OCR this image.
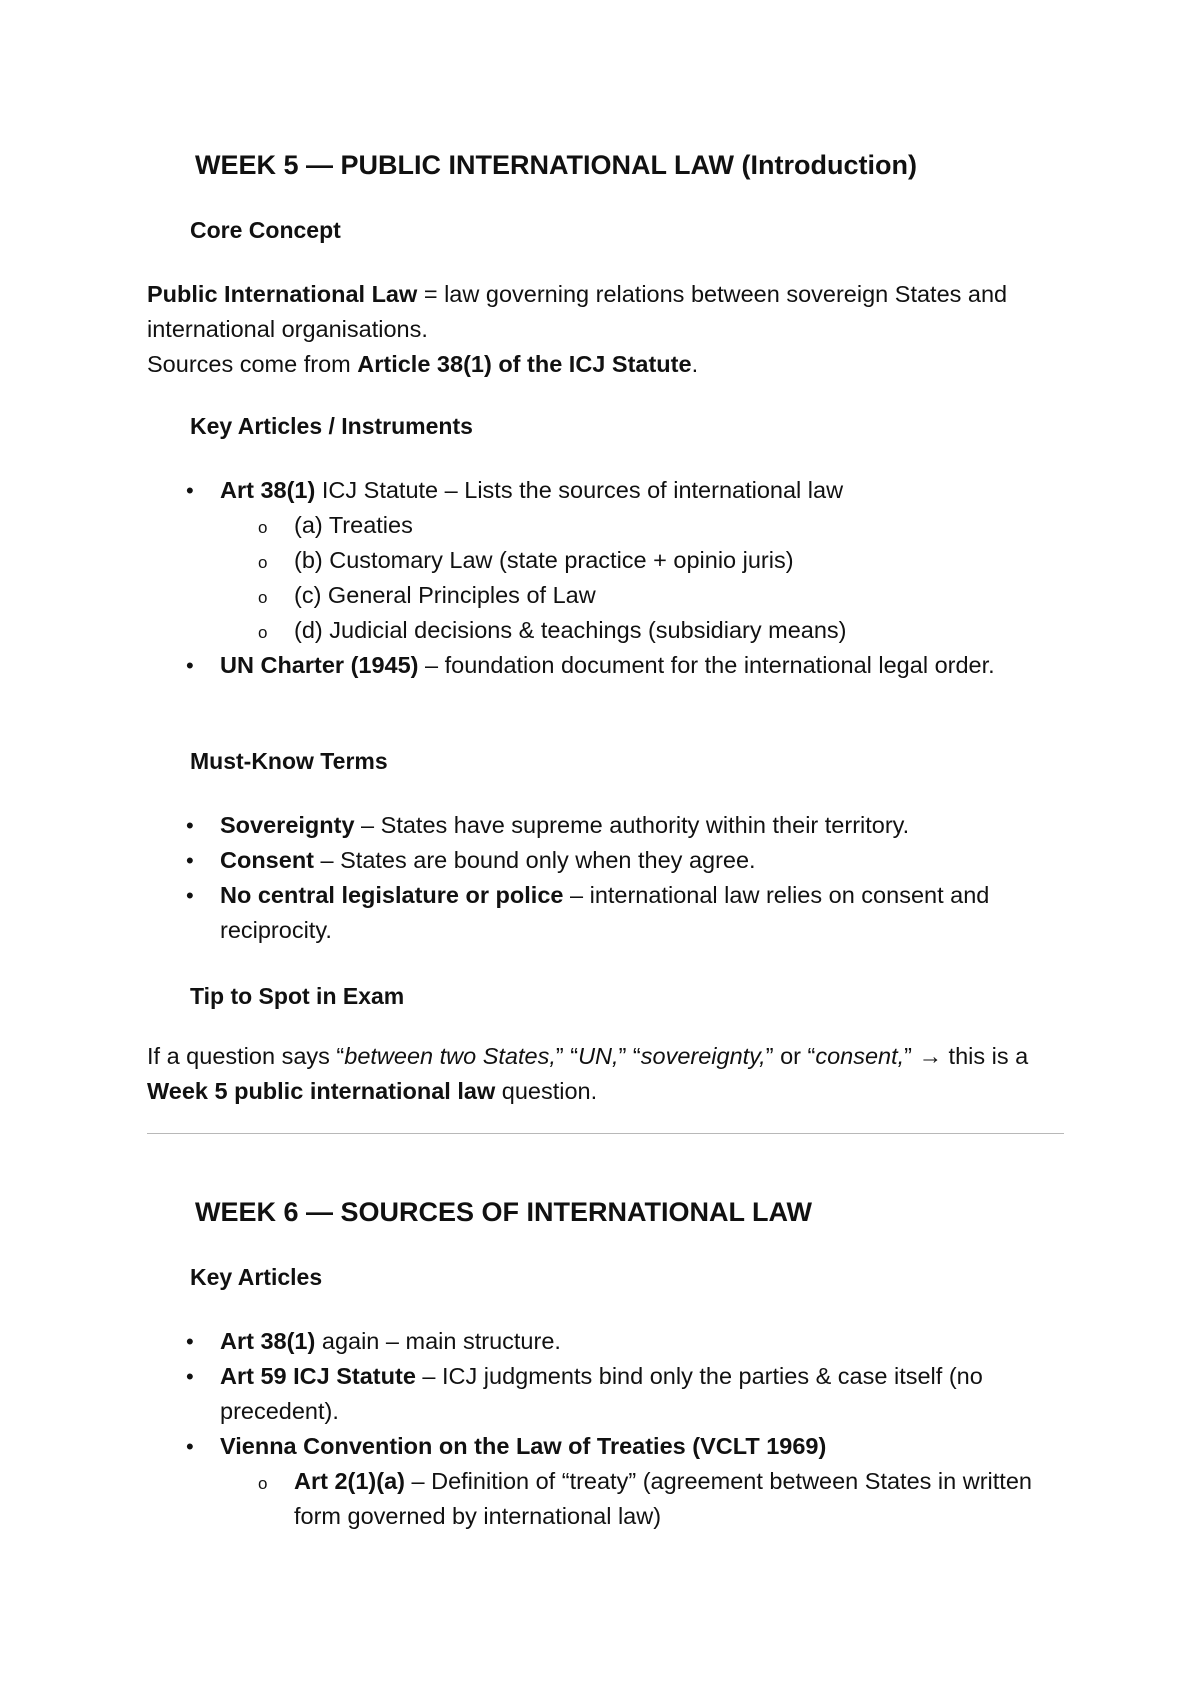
WEEK 5 — PUBLIC INTERNATIONAL LAW (Introduction)
Core Concept

Public International Law = law governing relations between sovereign States and international organisations.
Sources come from Article 38(1) of the ICJ Statute.

Key Articles / Instruments
• Art 38(1) ICJ Statute – Lists the sources of international law
o (a) Treaties
o (b) Customary Law (state practice + opinio juris)
o (c) General Principles of Law
o (d) Judicial decisions & teachings (subsidiary means)
• UN Charter (1945) – foundation document for the international legal order.
Must-Know Terms
• Sovereignty – States have supreme authority within their territory.
• Consent – States are bound only when they agree.
• No central legislature or police – international law relies on consent and reciprocity.
Tip to Spot in Exam

If a question says “between two States,” “UN,” “sovereignty,” or “consent,” → this is a Week 5 public international law question.

WEEK 6 — SOURCES OF INTERNATIONAL LAW
Key Articles
• Art 38(1) again – main structure.
• Art 59 ICJ Statute – ICJ judgments bind only the parties & case itself (no precedent).
• Vienna Convention on the Law of Treaties (VCLT 1969)
o Art 2(1)(a) – Definition of “treaty” (agreement between States in written form governed by international law)
